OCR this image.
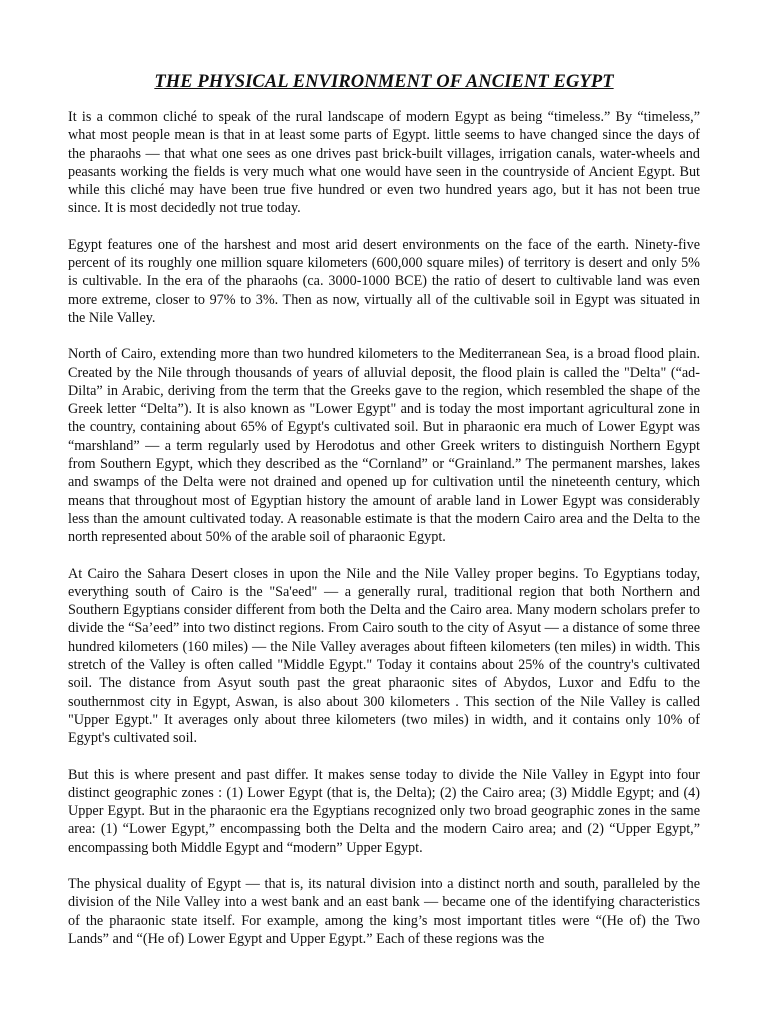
THE PHYSICAL ENVIRONMENT OF ANCIENT EGYPT

It is a common cliché to speak of the rural landscape of modern Egypt as being “timeless.” By “timeless,” what most people mean is that in at least some parts of Egypt. little seems to have changed since the days of the pharaohs — that what one sees as one drives past brick-built villages, irrigation canals, water-wheels and peasants working the fields is very much what one would have seen in the countryside of Ancient Egypt. But while this cliché may have been true five hundred or even two hundred years ago, but it has not been true since. It is most decidedly not true today.

Egypt features one of the harshest and most arid desert environments on the face of the earth. Ninety-five percent of its roughly one million square kilometers (600,000 square miles) of territory is desert and only 5% is cultivable. In the era of the pharaohs (ca. 3000-1000 BCE) the ratio of desert to cultivable land was even more extreme, closer to 97% to 3%. Then as now, virtually all of the cultivable soil in Egypt was situated in the Nile Valley.

North of Cairo, extending more than two hundred kilometers to the Mediterranean Sea, is a broad flood plain. Created by the Nile through thousands of years of alluvial deposit, the flood plain is called the "Delta" (“ad-Dilta” in Arabic, deriving from the term that the Greeks gave to the region, which resembled the shape of the Greek letter “Delta”). It is also known as "Lower Egypt" and is today the most important agricultural zone in the country, containing about 65% of Egypt's cultivated soil. But in pharaonic era much of Lower Egypt was “marshland” — a term regularly used by Herodotus and other Greek writers to distinguish Northern Egypt from Southern Egypt, which they described as the “Cornland” or “Grainland.” The permanent marshes, lakes and swamps of the Delta were not drained and opened up for cultivation until the nineteenth century, which means that throughout most of Egyptian history the amount of arable land in Lower Egypt was considerably less than the amount cultivated today. A reasonable estimate is that the modern Cairo area and the Delta to the north represented about 50% of the arable soil of pharaonic Egypt.

At Cairo the Sahara Desert closes in upon the Nile and the Nile Valley proper begins. To Egyptians today, everything south of Cairo is the "Sa'eed" — a generally rural, traditional region that both Northern and Southern Egyptians consider different from both the Delta and the Cairo area. Many modern scholars prefer to divide the “Sa’eed” into two distinct regions. From Cairo south to the city of Asyut — a distance of some three hundred kilometers (160 miles) — the Nile Valley averages about fifteen kilometers (ten miles) in width. This stretch of the Valley is often called "Middle Egypt." Today it contains about 25% of the country's cultivated soil. The distance from Asyut south past the great pharaonic sites of Abydos, Luxor and Edfu to the southernmost city in Egypt, Aswan, is also about 300 kilometers . This section of the Nile Valley is called "Upper Egypt." It averages only about three kilometers (two miles) in width, and it contains only 10% of Egypt's cultivated soil.

But this is where present and past differ. It makes sense today to divide the Nile Valley in Egypt into four distinct geographic zones : (1) Lower Egypt (that is, the Delta); (2) the Cairo area; (3) Middle Egypt; and (4) Upper Egypt. But in the pharaonic era the Egyptians recognized only two broad geographic zones in the same area: (1) “Lower Egypt,” encompassing both the Delta and the modern Cairo area; and (2) “Upper Egypt,” encompassing both Middle Egypt and “modern” Upper Egypt.

The physical duality of Egypt — that is, its natural division into a distinct north and south, paralleled by the division of the Nile Valley into a west bank and an east bank — became one of the identifying characteristics of the pharaonic state itself. For example, among the king’s most important titles were “(He of) the Two Lands” and “(He of) Lower Egypt and Upper Egypt.” Each of these regions was the
